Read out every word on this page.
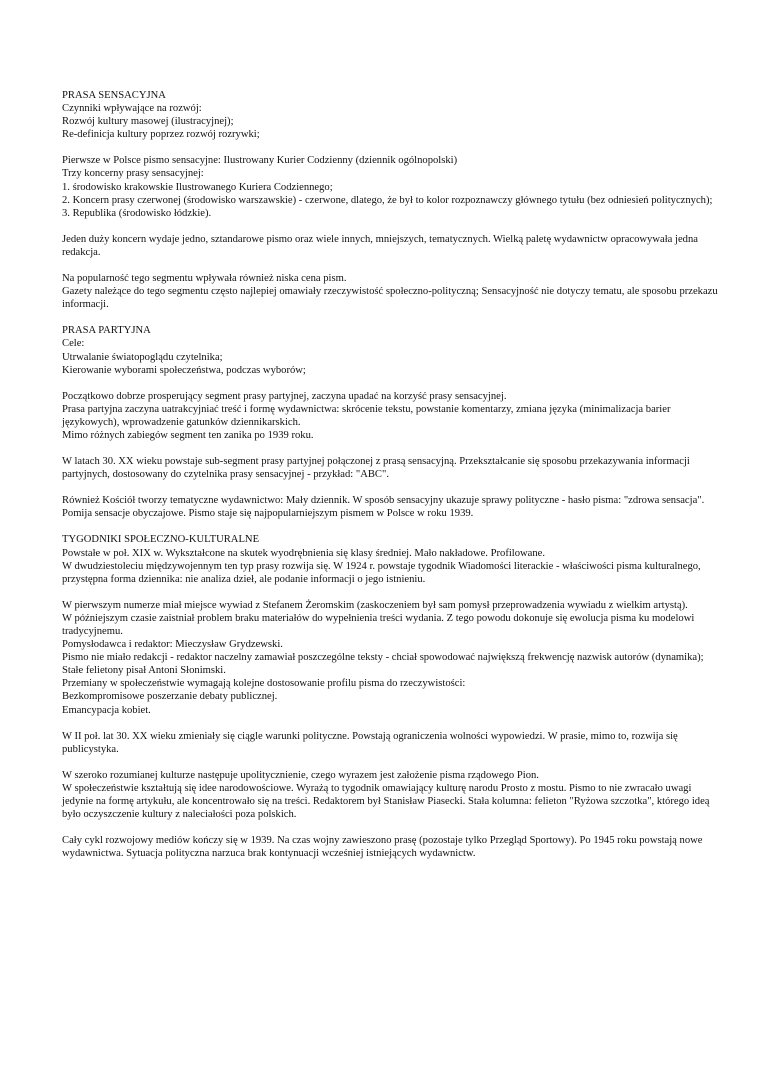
PRASA SENSACYJNA
Czynniki wpływające na rozwój:
Rozwój kultury masowej (ilustracyjnej);
Re-definicja kultury poprzez rozwój rozrywki;
Pierwsze w Polsce pismo sensacyjne: Ilustrowany Kurier Codzienny (dziennik ogólnopolski)
Trzy koncerny prasy sensacyjnej:
1. środowisko krakowskie Ilustrowanego Kuriera Codziennego;
2. Koncern prasy czerwonej (środowisko warszawskie) - czerwone, dlatego, że był to kolor rozpoznawczy głównego tytułu (bez odniesień politycznych);
3. Republika (środowisko łódzkie).
Jeden duży koncern wydaje jedno, sztandarowe pismo oraz wiele innych, mniejszych, tematycznych. Wielką paletę wydawnictw opracowywała jedna redakcja.
Na popularność tego segmentu wpływała również niska cena pism.
Gazety należące do tego segmentu często najlepiej omawiały rzeczywistość społeczno-polityczną; Sensacyjność nie dotyczy tematu, ale sposobu przekazu informacji.
PRASA PARTYJNA
Cele:
Utrwalanie światopoglądu czytelnika;
Kierowanie wyborami społeczeństwa, podczas wyborów;
Początkowo dobrze prosperujący segment prasy partyjnej, zaczyna upadać na korzyść prasy sensacyjnej.
Prasa partyjna zaczyna uatrakcyjniać treść i formę wydawnictwa: skrócenie tekstu, powstanie komentarzy, zmiana języka (minimalizacja barier językowych), wprowadzenie gatunków dziennikarskich.
Mimo różnych zabiegów segment ten zanika po 1939 roku.
W latach 30. XX wieku powstaje sub-segment prasy partyjnej połączonej z prasą sensacyjną. Przekształcanie się sposobu przekazywania informacji partyjnych, dostosowany do czytelnika prasy sensacyjnej - przykład: "ABC".
Również Kościół tworzy tematyczne wydawnictwo: Mały dziennik. W sposób sensacyjny ukazuje sprawy polityczne - hasło pisma: "zdrowa sensacja". Pomija sensacje obyczajowe. Pismo staje się najpopularniejszym pismem w Polsce w roku 1939.
TYGODNIKI SPOŁECZNO-KULTURALNE
Powstałe w poł. XIX w. Wykształcone na skutek wyodrębnienia się klasy średniej. Mało nakładowe. Profilowane.
W dwudziestoleciu międzywojennym ten typ prasy rozwija się. W 1924 r. powstaje tygodnik Wiadomości literackie - właściwości pisma kulturalnego, przystępna forma dziennika: nie analiza dzieł, ale podanie informacji o jego istnieniu.
W pierwszym numerze miał miejsce wywiad z Stefanem Żeromskim (zaskoczeniem był sam pomysł przeprowadzenia wywiadu z wielkim artystą).
W późniejszym czasie zaistniał problem braku materiałów do wypełnienia treści wydania. Z tego powodu dokonuje się ewolucja pisma ku modelowi tradycyjnemu.
Pomysłodawca i redaktor: Mieczysław Grydzewski.
Pismo nie miało redakcji - redaktor naczelny zamawiał poszczególne teksty - chciał spowodować największą frekwencję nazwisk autorów (dynamika);
Stałe felietony pisał Antoni Słonimski.
Przemiany w społeczeństwie wymagają kolejne dostosowanie profilu pisma do rzeczywistości:
Bezkompromisowe poszerzanie debaty publicznej.
Emancypacja kobiet.
W II poł. lat 30. XX wieku zmieniały się ciągle warunki polityczne. Powstają ograniczenia wolności wypowiedzi. W prasie, mimo to, rozwija się publicystyka.
W szeroko rozumianej kulturze następuje upolitycznienie, czego wyrazem jest założenie pisma rządowego Pion.
W społeczeństwie kształtują się idee narodowościowe. Wyrażą to tygodnik omawiający kulturę narodu Prosto z mostu. Pismo to nie zwracało uwagi jedynie na formę artykułu, ale koncentrowało się na treści. Redaktorem był Stanisław Piasecki. Stała kolumna: felieton "Ryżowa szczotka", którego ideą było oczyszczenie kultury z naleciałości poza polskich.
Cały cykl rozwojowy mediów kończy się w 1939. Na czas wojny zawieszono prasę (pozostaje tylko Przegląd Sportowy). Po 1945 roku powstają nowe wydawnictwa. Sytuacja polityczna narzuca brak kontynuacji wcześniej istniejących wydawnictw.
